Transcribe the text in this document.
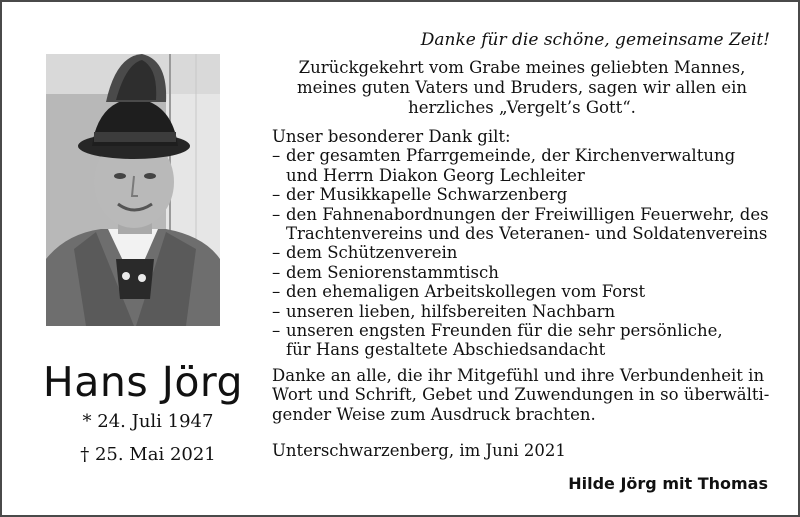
Hans Jörg
* 24. Juli 1947
† 25. Mai 2021
Danke für die schöne, gemeinsame Zeit!
Zurückgekehrt vom Grabe meines geliebten Mannes,
meines guten Vaters und Bruders, sagen wir allen ein
herzliches „Vergelt’s Gott“.
Unser besonderer Dank gilt:
– der gesamten Pfarrgemeinde, der Kirchenverwaltung
und Herrn Diakon Georg Lechleiter
– der Musikkapelle Schwarzenberg
– den Fahnenabordnungen der Freiwilligen Feuerwehr, des
Trachtenvereins und des Veteranen- und Soldatenvereins
– dem Schützenverein
– dem Seniorenstammtisch
– den ehemaligen Arbeitskollegen vom Forst
– unseren lieben, hilfsbereiten Nachbarn
– unseren engsten Freunden für die sehr persönliche,
für Hans gestaltete Abschiedsandacht
Danke an alle, die ihr Mitgefühl und ihre Verbundenheit in
Wort und Schrift, Gebet und Zuwendungen in so überwälti-
gender Weise zum Ausdruck brachten.
Unterschwarzenberg, im Juni 2021
Hilde Jörg mit Thomas
